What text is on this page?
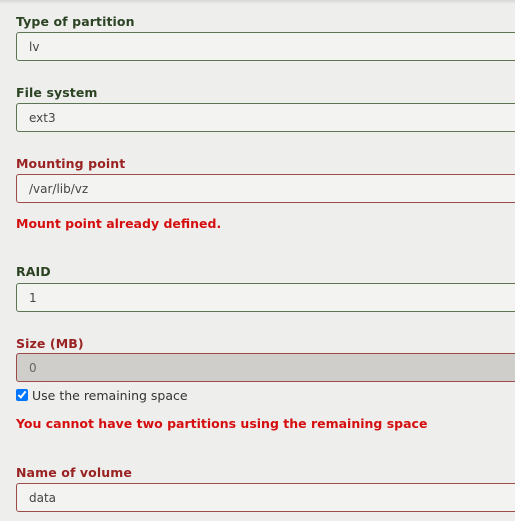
Type of partition
lv
File system
ext3
Mounting point
/var/lib/vz
Mount point already defined.
RAID
1
Size (MB)
0
Use the remaining space
You cannot have two partitions using the remaining space
Name of volume
data
